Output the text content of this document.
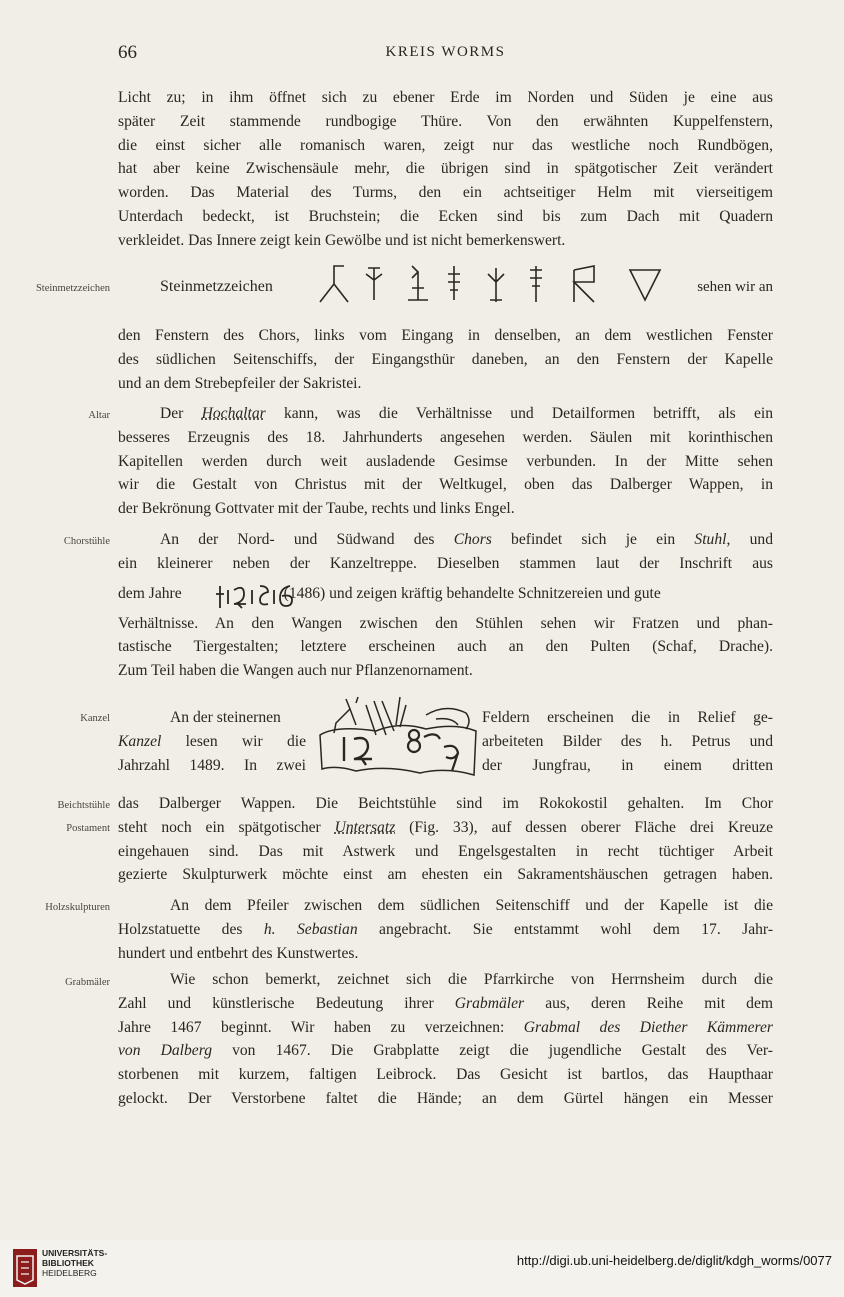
66	KREIS WORMS
Steinmetzzeichen
Altar
Chorstühle
Kanzel
Beichtstühle
Postament
Holzskulpturen
Grabmäler
Licht zu; in ihm öffnet sich zu ebener Erde im Norden und Süden je eine aus
später Zeit stammende rundbogige Thüre. Von den erwähnten Kuppelfenstern,
die einst sicher alle romanisch waren, zeigt nur das westliche noch Rundbögen,
hat aber keine Zwischensäule mehr, die übrigen sind in spätgotischer Zeit verändert
worden. Das Material des Turms, den ein achtseitiger Helm mit vierseitigem
Unterdach bedeckt, ist Bruchstein; die Ecken sind bis zum Dach mit Quadern
verkleidet. Das Innere zeigt kein Gewölbe und ist nicht bemerkenswert.
Steinmetzzeichen	sehen wir an
den Fenstern des Chors, links vom Eingang in denselben, an dem westlichen Fenster
des südlichen Seitenschiffs, der Eingangsthür daneben, an den Fenstern der Kapelle
und an dem Strebepfeiler der Sakristei.
Der Hochaltar kann, was die Verhältnisse und Detailformen betrifft, als ein
besseres Erzeugnis des 18. Jahrhunderts angesehen werden. Säulen mit korinthischen
Kapitellen werden durch weit ausladende Gesimse verbunden. In der Mitte sehen
wir die Gestalt von Christus mit der Weltkugel, oben das Dalberger Wappen, in
der Bekrönung Gottvater mit der Taube, rechts und links Engel.
An der Nord- und Südwand des Chors befindet sich je ein Stuhl, und
ein kleinerer neben der Kanzeltreppe. Dieselben stammen laut der Inschrift aus
dem Jahre	(1486) und zeigen kräftig behandelte Schnitzereien und gute
Verhältnisse. An den Wangen zwischen den Stühlen sehen wir Fratzen und phan-
tastische Tiergestalten; letztere erscheinen auch an den Pulten (Schaf, Drache).
Zum Teil haben die Wangen auch nur Pflanzenornament.
An der steinernen
Kanzel lesen wir die
Jahrzahl 1489. In zwei
Feldern erscheinen die in Relief ge-
arbeiteten Bilder des h. Petrus und
der Jungfrau, in einem dritten
das Dalberger Wappen. Die Beichtstühle sind im Rokokostil gehalten. Im Chor
steht noch ein spätgotischer Untersatz (Fig. 33), auf dessen oberer Fläche drei Kreuze
eingehauen sind. Das mit Astwerk und Engelsgestalten in recht tüchtiger Arbeit
gezierte Skulpturwerk möchte einst am ehesten ein Sakramentshäuschen getragen haben.
An dem Pfeiler zwischen dem südlichen Seitenschiff und der Kapelle ist die
Holzstatuette des h. Sebastian angebracht. Sie entstammt wohl dem 17. Jahr-
hundert und entbehrt des Kunstwertes.
Wie schon bemerkt, zeichnet sich die Pfarrkirche von Herrnsheim durch die
Zahl und künstlerische Bedeutung ihrer Grabmäler aus, deren Reihe mit dem
Jahre 1467 beginnt. Wir haben zu verzeichnen: Grabmal des Diether Kämmerer
von Dalberg von 1467. Die Grabplatte zeigt die jugendliche Gestalt des Ver-
storbenen mit kurzem, faltigen Leibrock. Das Gesicht ist bartlos, das Haupthaar
gelockt. Der Verstorbene faltet die Hände; an dem Gürtel hängen ein Messer
UNIVERSITÄTS-
BIBLIOTHEK
HEIDELBERG
http://digi.ub.uni-heidelberg.de/diglit/kdgh_worms/0077
